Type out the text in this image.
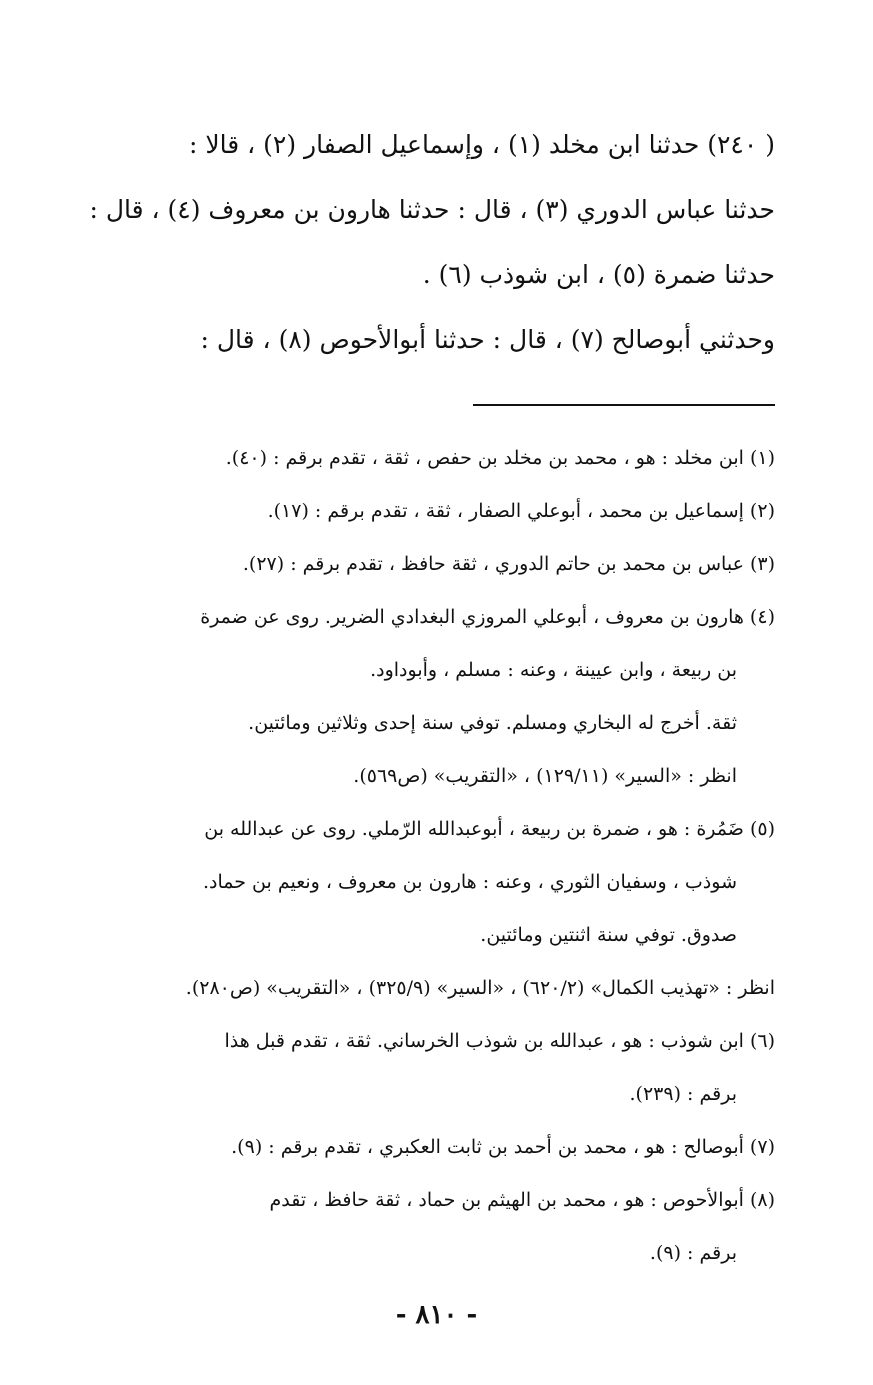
( ٢٤٠) حدثنا ابن مخلد (١) ، وإسماعيل الصفار (٢) ، قالا :

حدثنا عباس الدوري (٣) ، قال : حدثنا هارون بن معروف (٤) ، قال :

حدثنا ضمرة (٥) ، ابن شوذب (٦) .

وحدثني أبوصالح (٧) ، قال : حدثنا أبوالأحوص (٨) ، قال :

(١) ابن مخلد : هو ، محمد بن مخلد بن حفص ، ثقة ، تقدم برقم : (٤٠).

(٢) إسماعيل بن محمد ، أبوعلي الصفار ، ثقة ، تقدم برقم : (١٧).

(٣) عباس بن محمد بن حاتم الدوري ، ثقة حافظ ، تقدم برقم : (٢٧).

(٤) هارون بن معروف ، أبوعلي المروزي البغدادي الضرير. روى عن ضمرة
بن ربيعة ، وابن عيينة ، وعنه : مسلم ، وأبوداود.
ثقة. أخرج له البخاري ومسلم. توفي سنة إحدى وثلاثين ومائتين.
انظر : «السير» (١٢٩/١١) ، «التقريب» (ص٥٦٩).

(٥) ضَمُرة : هو ، ضمرة بن ربيعة ، أبوعبدالله الرّملي. روى عن عبدالله بن
شوذب ، وسفيان الثوري ، وعنه : هارون بن معروف ، ونعيم بن حماد.
صدوق. توفي سنة اثنتين ومائتين.
انظر : «تهذيب الكمال» (٦٢٠/٢) ، «السير» (٣٢٥/٩) ، «التقريب» (ص٢٨٠).

(٦) ابن شوذب : هو ، عبدالله بن شوذب الخرساني. ثقة ، تقدم قبل هذا
برقم : (٢٣٩).

(٧) أبوصالح : هو ، محمد بن أحمد بن ثابت العكبري ، تقدم برقم : (٩).

(٨) أبوالأحوص : هو ، محمد بن الهيثم بن حماد ، ثقة حافظ ، تقدم
برقم : (٩).

- ٨١٠ -
